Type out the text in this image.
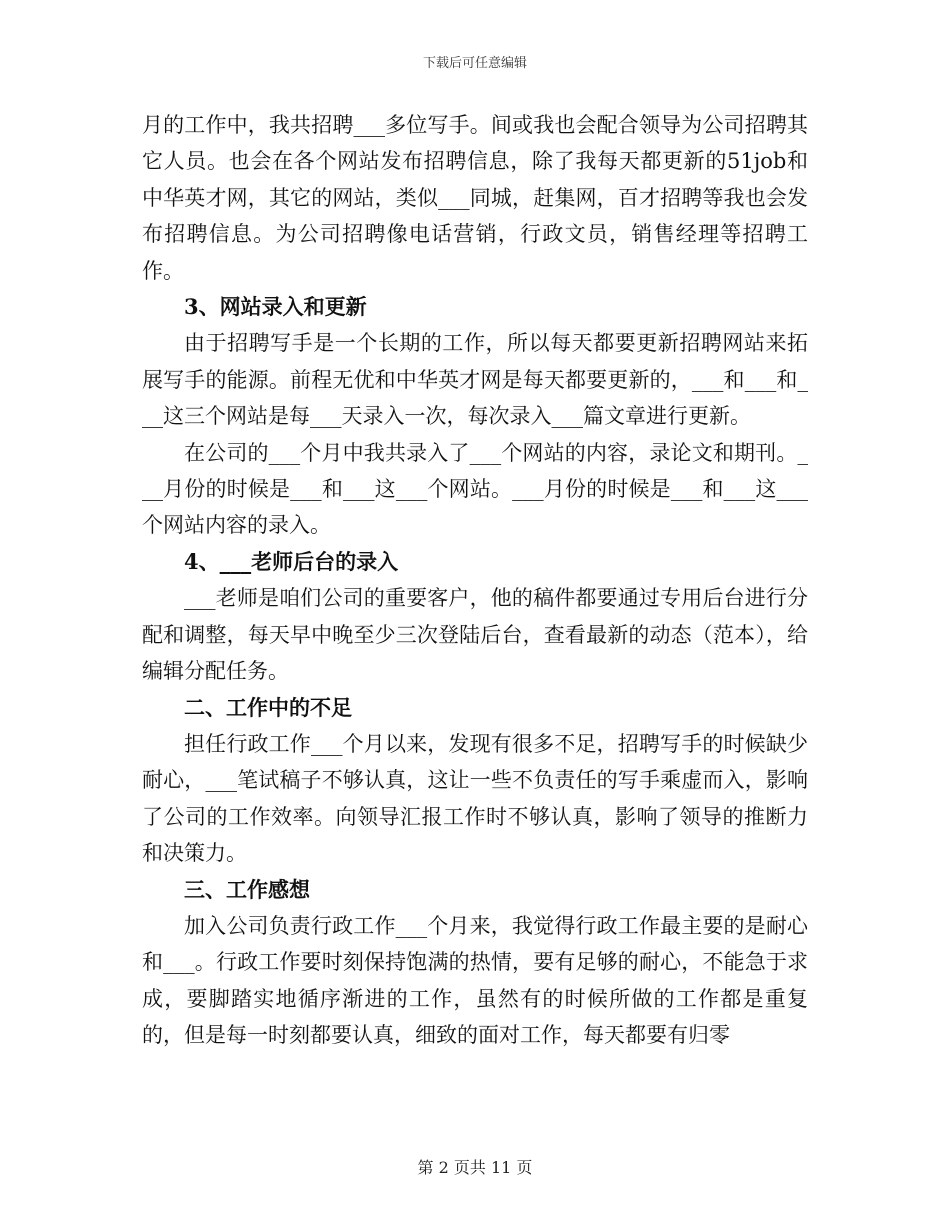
下载后可任意编辑

月的工作中，我共招聘___多位写手。间或我也会配合领导为公司招聘其它人员。也会在各个网站发布招聘信息，除了我每天都更新的51job和中华英才网，其它的网站，类似___同城，赶集网，百才招聘等我也会发布招聘信息。为公司招聘像电话营销，行政文员，销售经理等招聘工作。

3、网站录入和更新

由于招聘写手是一个长期的工作，所以每天都要更新招聘网站来拓展写手的能源。前程无优和中华英才网是每天都要更新的，___和___和___这三个网站是每___天录入一次，每次录入___篇文章进行更新。

在公司的___个月中我共录入了___个网站的内容，录论文和期刊。___月份的时候是___和___这___个网站。___月份的时候是___和___这___个网站内容的录入。

4、___老师后台的录入

___老师是咱们公司的重要客户，他的稿件都要通过专用后台进行分配和调整，每天早中晚至少三次登陆后台，查看最新的动态（范本），给编辑分配任务。

二、工作中的不足

担任行政工作___个月以来，发现有很多不足，招聘写手的时候缺少耐心，___笔试稿子不够认真，这让一些不负责任的写手乘虚而入，影响了公司的工作效率。向领导汇报工作时不够认真，影响了领导的推断力和决策力。

三、工作感想

加入公司负责行政工作___个月来，我觉得行政工作最主要的是耐心和___。行政工作要时刻保持饱满的热情，要有足够的耐心，不能急于求成，要脚踏实地循序渐进的工作，虽然有的时候所做的工作都是重复的，但是每一时刻都要认真，细致的面对工作，每天都要有归零

第 2 页共 11 页
